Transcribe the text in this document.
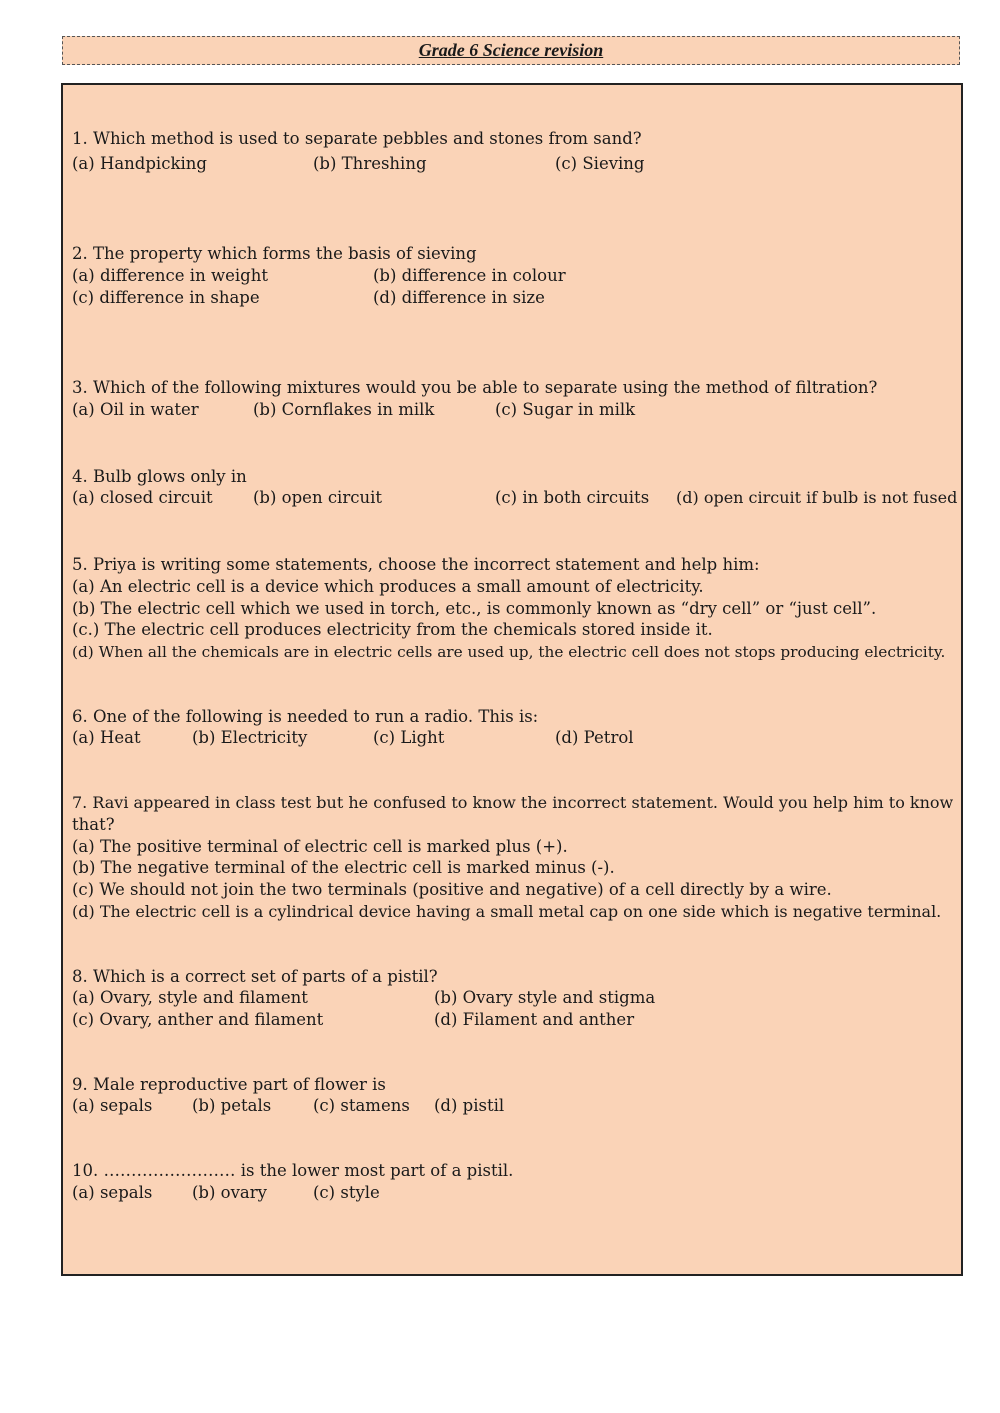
Grade 6 Science revision
1. Which method is used to separate pebbles and stones from sand?
(a) Handpicking	(b) Threshing	(c) Sieving
2. The property which forms the basis of sieving
(a) difference in weight	(b) difference in colour
(c) difference in shape	(d) difference in size
3. Which of the following mixtures would you be able to separate using the method of filtration?
(a) Oil in water	(b) Cornflakes in milk	(c) Sugar in milk
4. Bulb glows only in
(a) closed circuit (b) open circuit	(c) in both circuits (d) open circuit if bulb is not fused
5. Priya is writing some statements, choose the incorrect statement and help him:
(a) An electric cell is a device which produces a small amount of electricity.
(b) The electric cell which we used in torch, etc., is commonly known as “dry cell” or “just cell”.
(c.) The electric cell produces electricity from the chemicals stored inside it.
(d) When all the chemicals are in electric cells are used up, the electric cell does not stops producing electricity.
6. One of the following is needed to run a radio. This is:
(a) Heat	(b) Electricity	(c) Light	(d) Petrol
7. Ravi appeared in class test but he confused to know the incorrect statement. Would you help him to know
that?
(a) The positive terminal of electric cell is marked plus (+).
(b) The negative terminal of the electric cell is marked minus (-).
(c) We should not join the two terminals (positive and negative) of a cell directly by a wire.
(d) The electric cell is a cylindrical device having a small metal cap on one side which is negative terminal.
8. Which is a correct set of parts of a pistil?
(a) Ovary, style and filament	(b) Ovary style and stigma
(c) Ovary, anther and filament	(d) Filament and anther
9. Male reproductive part of flower is
(a) sepals (b) petals	(c) stamens (d) pistil
10. …………………… is the lower most part of a pistil.
(a) sepals (b) ovary	(c) style
